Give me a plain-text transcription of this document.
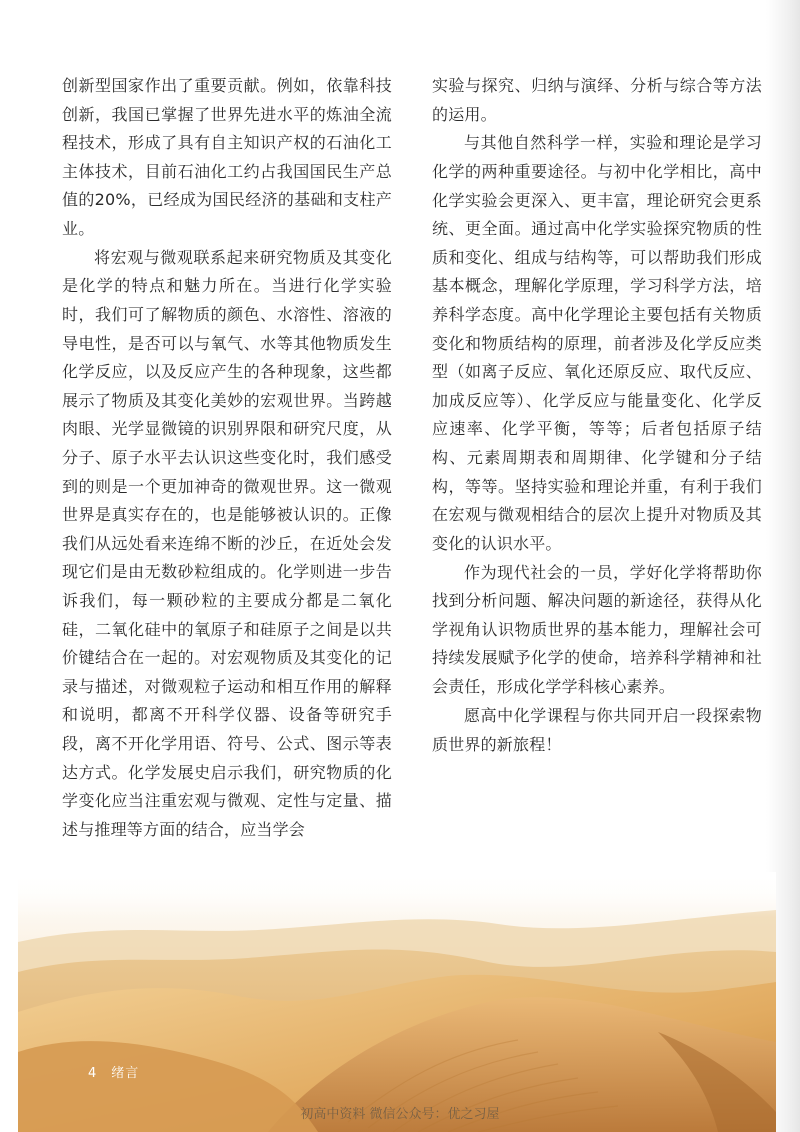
创新型国家作出了重要贡献。例如，依靠科技创新，我国已掌握了世界先进水平的炼油全流程技术，形成了具有自主知识产权的石油化工主体技术，目前石油化工约占我国国民生产总值的20%，已经成为国民经济的基础和支柱产业。

将宏观与微观联系起来研究物质及其变化是化学的特点和魅力所在。当进行化学实验时，我们可了解物质的颜色、水溶性、溶液的导电性，是否可以与氧气、水等其他物质发生化学反应，以及反应产生的各种现象，这些都展示了物质及其变化美妙的宏观世界。当跨越肉眼、光学显微镜的识别界限和研究尺度，从分子、原子水平去认识这些变化时，我们感受到的则是一个更加神奇的微观世界。这一微观世界是真实存在的，也是能够被认识的。正像我们从远处看来连绵不断的沙丘，在近处会发现它们是由无数砂粒组成的。化学则进一步告诉我们，每一颗砂粒的主要成分都是二氧化硅，二氧化硅中的氧原子和硅原子之间是以共价键结合在一起的。对宏观物质及其变化的记录与描述，对微观粒子运动和相互作用的解释和说明，都离不开科学仪器、设备等研究手段，离不开化学用语、符号、公式、图示等表达方式。化学发展史启示我们，研究物质的化学变化应当注重宏观与微观、定性与定量、描述与推理等方面的结合，应当学会

实验与探究、归纳与演绎、分析与综合等方法的运用。

与其他自然科学一样，实验和理论是学习化学的两种重要途径。与初中化学相比，高中化学实验会更深入、更丰富，理论研究会更系统、更全面。通过高中化学实验探究物质的性质和变化、组成与结构等，可以帮助我们形成基本概念，理解化学原理，学习科学方法，培养科学态度。高中化学理论主要包括有关物质变化和物质结构的原理，前者涉及化学反应类型（如离子反应、氧化还原反应、取代反应、加成反应等）、化学反应与能量变化、化学反应速率、化学平衡，等等；后者包括原子结构、元素周期表和周期律、化学键和分子结构，等等。坚持实验和理论并重，有利于我们在宏观与微观相结合的层次上提升对物质及其变化的认识水平。

作为现代社会的一员，学好化学将帮助你找到分析问题、解决问题的新途径，获得从化学视角认识物质世界的基本能力，理解社会可持续发展赋予化学的使命，培养科学精神和社会责任，形成化学学科核心素养。

愿高中化学课程与你共同开启一段探索物质世界的新旅程！

4 绪言
初高中资料 微信公众号：优之习屋
